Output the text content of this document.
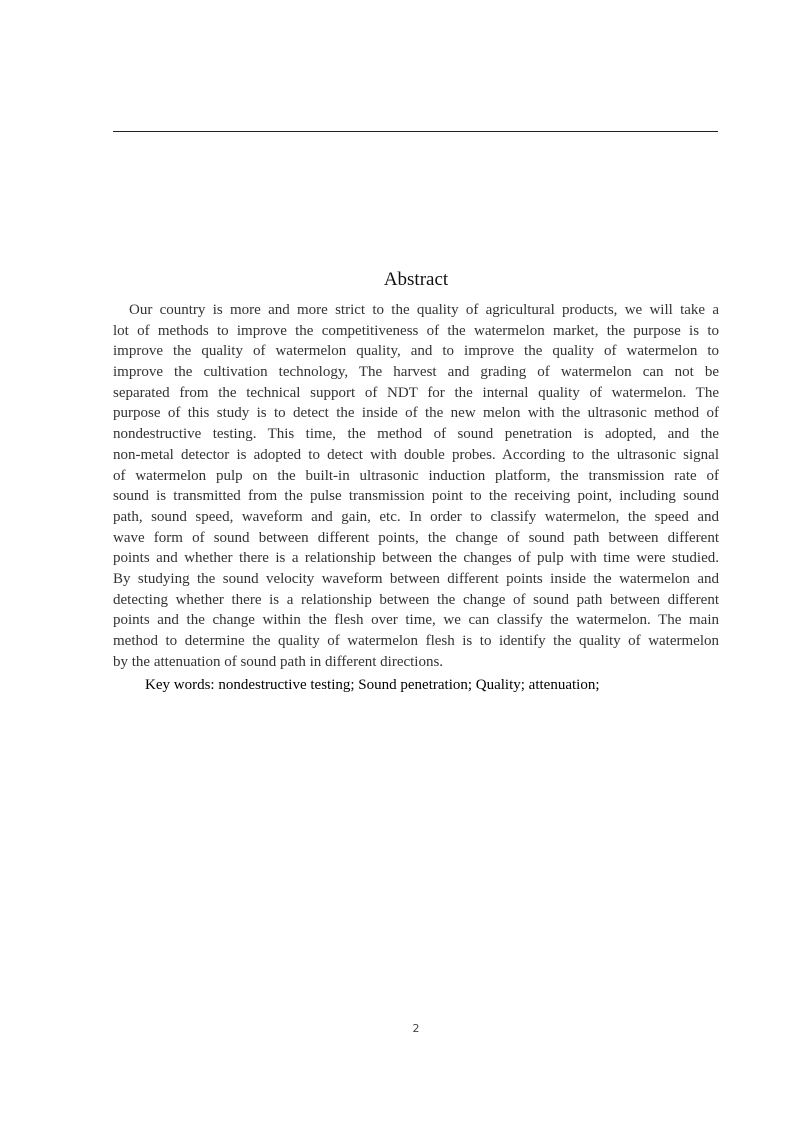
Abstract
Our country is more and more strict to the quality of agricultural products, we will take a
lot of methods to improve the competitiveness of the watermelon market, the purpose is to
improve the quality of watermelon quality, and to improve the quality of watermelon to
improve the cultivation technology, The harvest and grading of watermelon can not be
separated from the technical support of NDT for the internal quality of watermelon. The
purpose of this study is to detect the inside of the new melon with the ultrasonic method of
nondestructive testing. This time, the method of sound penetration is adopted, and the
non-metal detector is adopted to detect with double probes. According to the ultrasonic signal
of watermelon pulp on the built-in ultrasonic induction platform, the transmission rate of
sound is transmitted from the pulse transmission point to the receiving point, including sound
path, sound speed, waveform and gain, etc. In order to classify watermelon, the speed and
wave form of sound between different points, the change of sound path between different
points and whether there is a relationship between the changes of pulp with time were studied.
By studying the sound velocity waveform between different points inside the watermelon and
detecting whether there is a relationship between the change of sound path between different
points and the change within the flesh over time, we can classify the watermelon. The main
method to determine the quality of watermelon flesh is to identify the quality of watermelon
by the attenuation of sound path in different directions.
Key words: nondestructive testing; Sound penetration; Quality; attenuation;
2
